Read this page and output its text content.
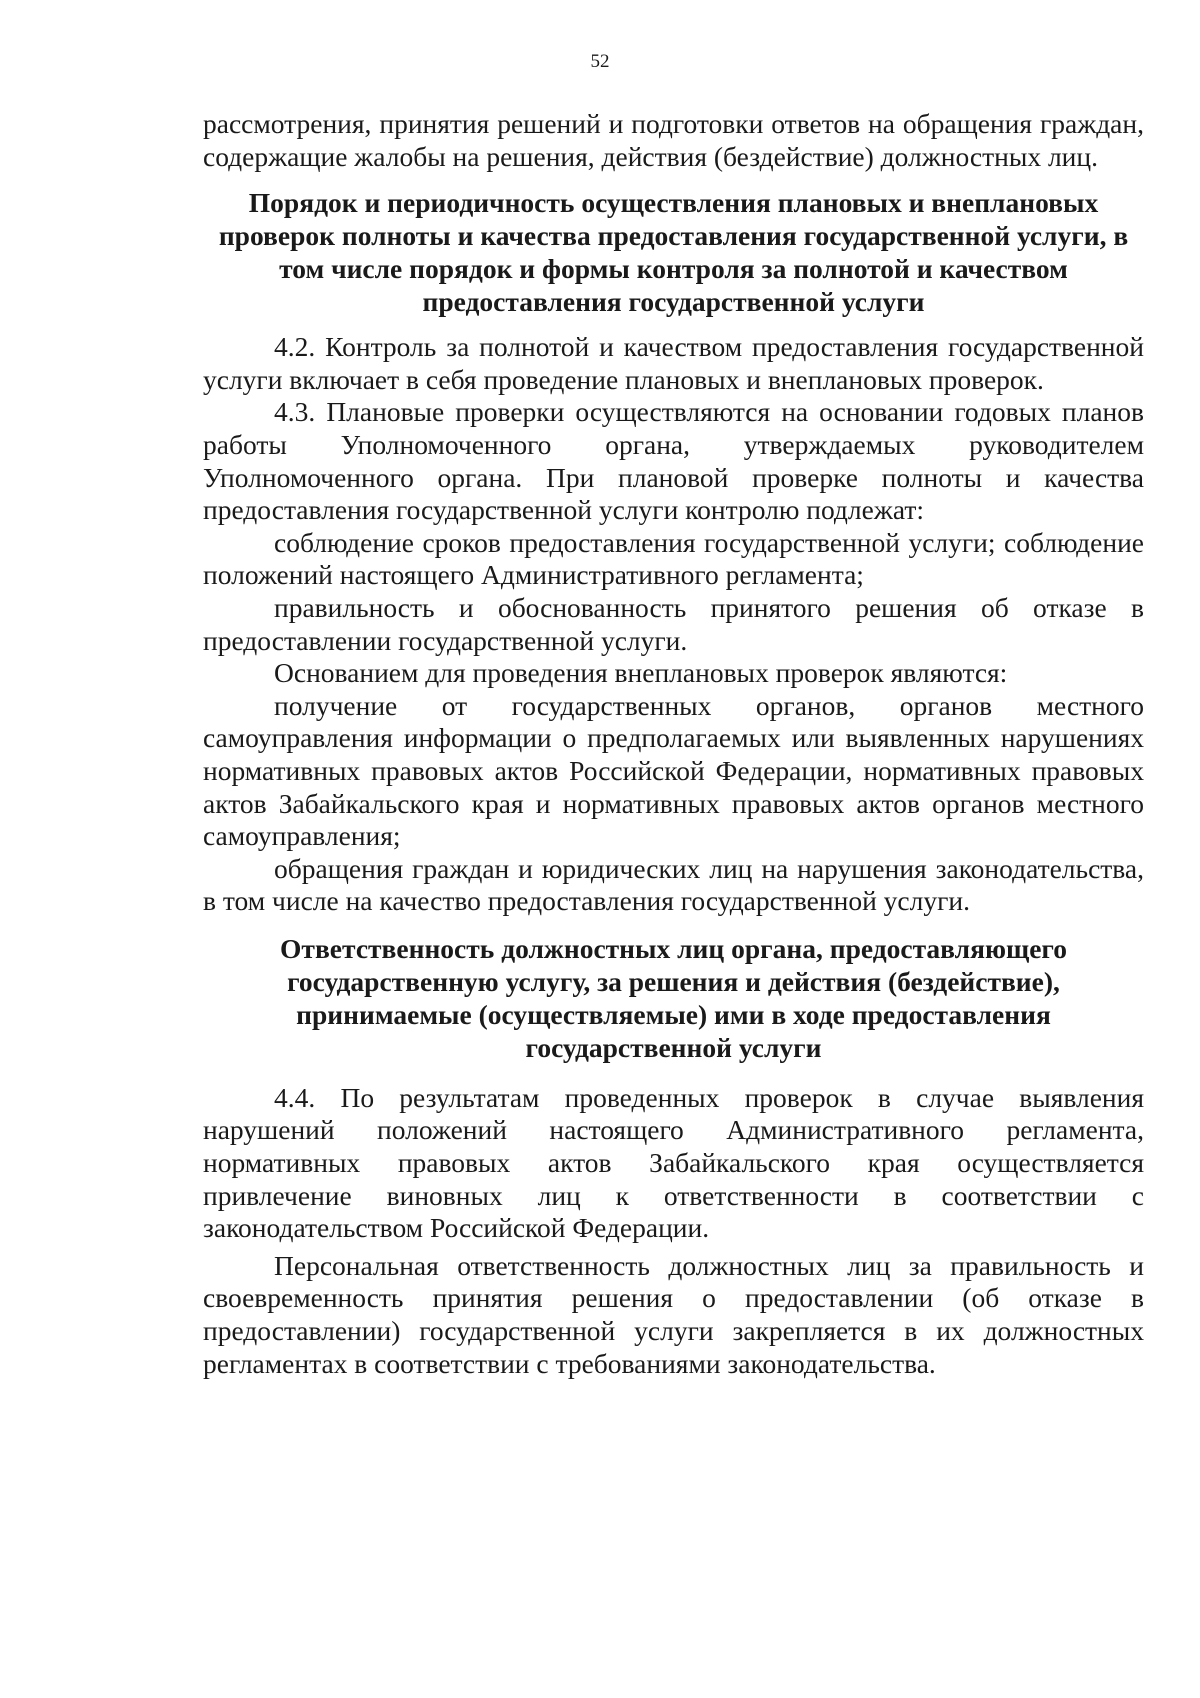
52

рассмотрения, принятия решений и подготовки ответов на обращения граждан, содержащие жалобы на решения, действия (бездействие) должностных лиц.

Порядок и периодичность осуществления плановых и внеплановых проверок полноты и качества предоставления государственной услуги, в том числе порядок и формы контроля за полнотой и качеством предоставления государственной услуги

4.2. Контроль за полнотой и качеством предоставления государственной услуги включает в себя проведение плановых и внеплановых проверок.

4.3. Плановые проверки осуществляются на основании годовых планов работы Уполномоченного органа, утверждаемых руководителем Уполномоченного органа. При плановой проверке полноты и качества предоставления государственной услуги контролю подлежат:

соблюдение сроков предоставления государственной услуги; соблюдение положений настоящего Административного регламента;

правильность и обоснованность принятого решения об отказе в предоставлении государственной услуги.

Основанием для проведения внеплановых проверок являются:

получение от государственных органов, органов местного самоуправления информации о предполагаемых или выявленных нарушениях нормативных правовых актов Российской Федерации, нормативных правовых актов Забайкальского края и нормативных правовых актов органов местного самоуправления;

обращения граждан и юридических лиц на нарушения законодательства, в том числе на качество предоставления государственной услуги.

Ответственность должностных лиц органа, предоставляющего государственную услугу, за решения и действия (бездействие), принимаемые (осуществляемые) ими в ходе предоставления государственной услуги

4.4. По результатам проведенных проверок в случае выявления нарушений положений настоящего Административного регламента, нормативных правовых актов Забайкальского края осуществляется привлечение виновных лиц к ответственности в соответствии с законодательством Российской Федерации.

Персональная ответственность должностных лиц за правильность и своевременность принятия решения о предоставлении (об отказе в предоставлении) государственной услуги закрепляется в их должностных регламентах в соответствии с требованиями законодательства.
